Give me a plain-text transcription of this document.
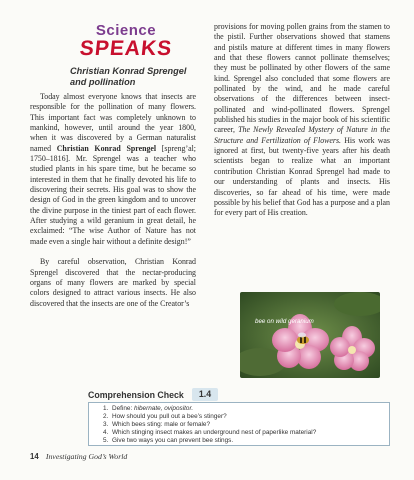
Science
SPEAKS
Christian Konrad Sprengel and pollination

Today almost everyone knows that insects are responsible for the pollination of many flowers. This important fact was completely unknown to mankind, however, until around the year 1800, when it was discovered by a German naturalist named Christian Konrad Sprengel [spreng’al; 1750–1816]. Mr. Sprengel was a teacher who studied plants in his spare time, but he became so interested in them that he finally devoted his life to discovering their secrets. His goal was to show the design of God in the green kingdom and to uncover the divine purpose in the tiniest part of each flower. After studying a wild geranium in great detail, he exclaimed: “The wise Author of Nature has not made even a single hair without a definite design!”

By careful observation, Christian Konrad Sprengel discovered that the nectar-producing organs of many flowers are marked by special colors designed to attract various insects. He also discovered that the insects are one of the Creator’s

provisions for moving pollen grains from the stamen to the pistil. Further observations showed that stamens and pistils mature at different times in many flowers and that these flowers cannot pollinate themselves; they must be pollinated by other flowers of the same kind. Sprengel also concluded that some flowers are pollinated by the wind, and he made careful observations of the differences between insect-pollinated and wind-pollinated flowers. Sprengel published his studies in the major book of his scientific career, The Newly Revealed Mystery of Nature in the Structure and Fertilization of Flowers. His work was ignored at first, but twenty-five years after his death scientists began to realize what an important contribution Christian Konrad Sprengel had made to our understanding of plants and insects. His discoveries, so far ahead of his time, were made possible by his belief that God has a purpose and a plan for every part of His creation.

bee on wild geranium
Comprehension Check	1.4
1. Define: hibernate, ovipositor.
2. How should you pull out a bee’s stinger?
3. Which bees sting: male or female?
4. Which stinging insect makes an underground nest of paperlike material?
5. Give two ways you can prevent bee stings.
14 Investigating God’s World
